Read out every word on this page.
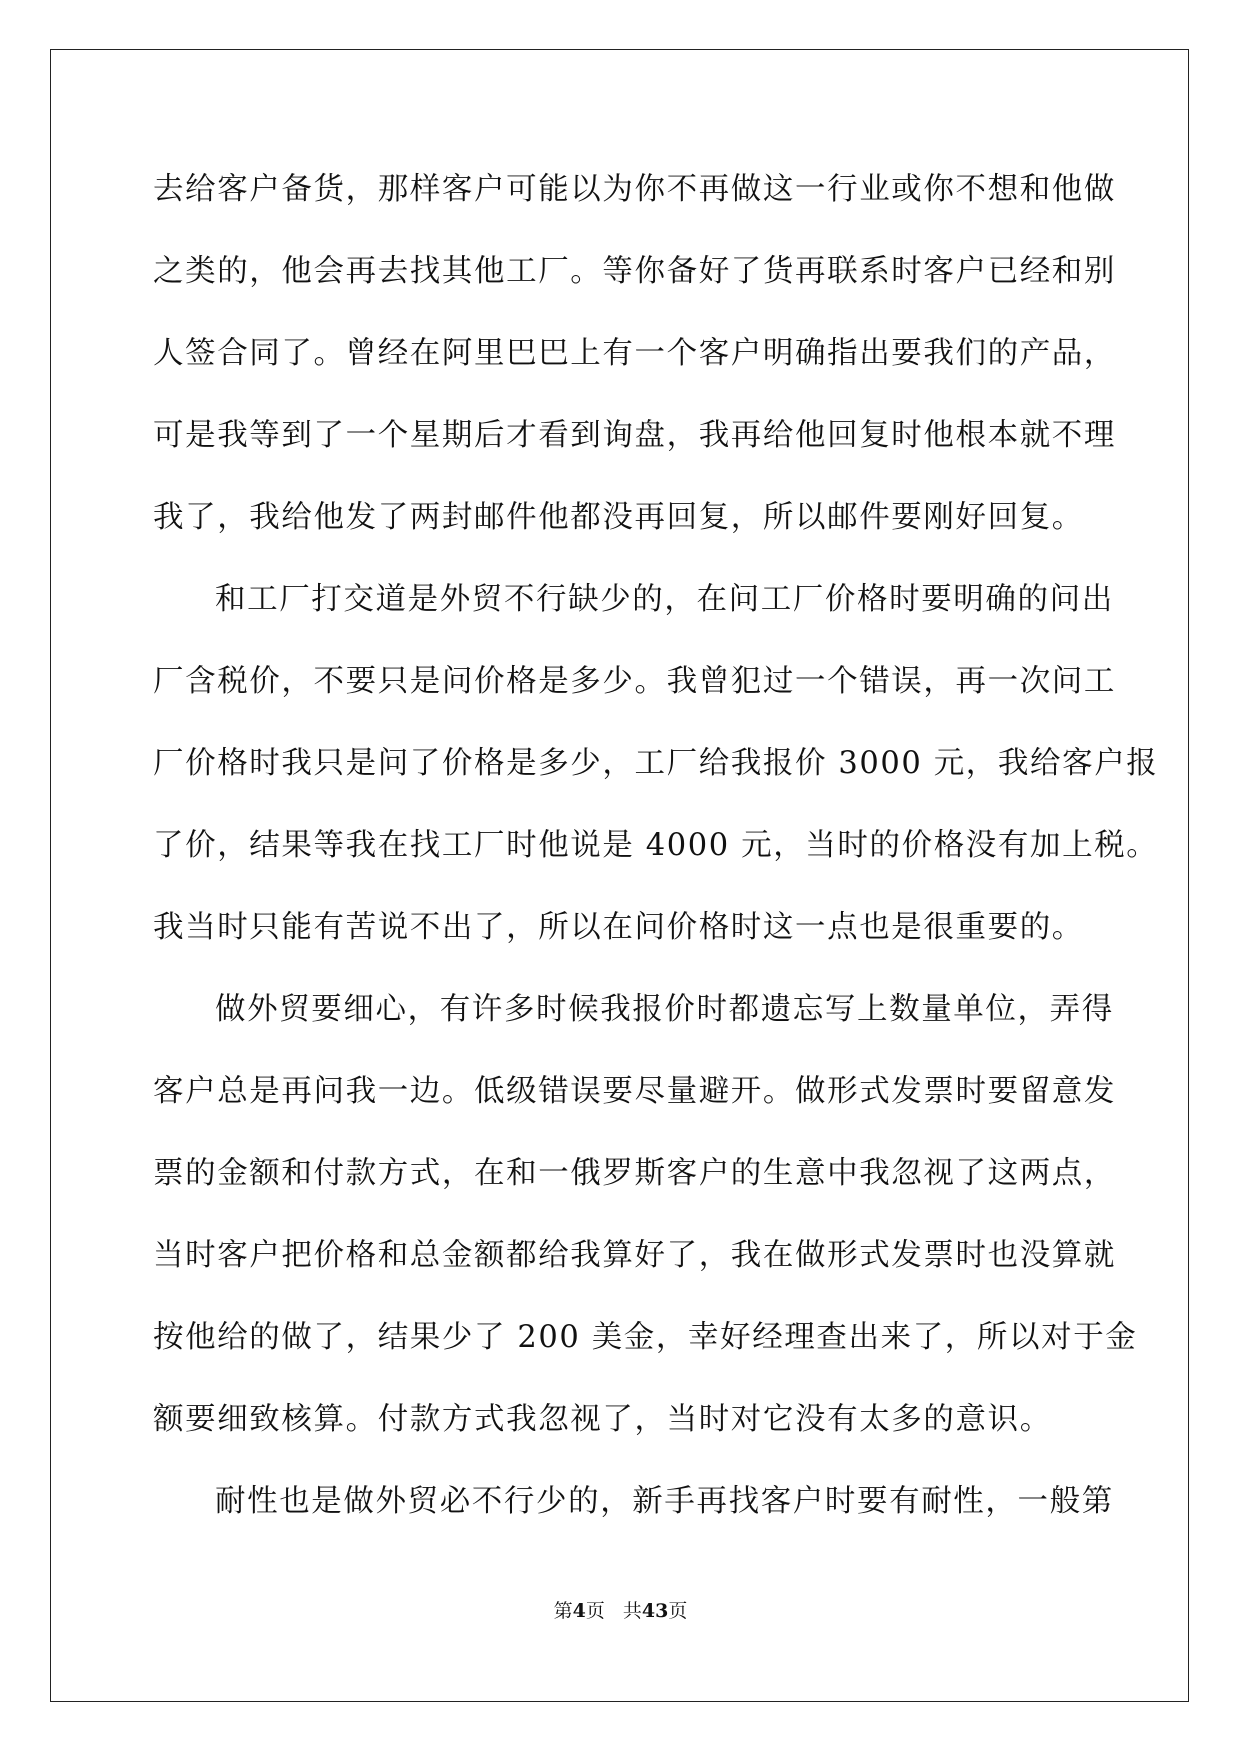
去给客户备货，那样客户可能以为你不再做这一行业或你不想和他做
之类的，他会再去找其他工厂。等你备好了货再联系时客户已经和别
人签合同了。曾经在阿里巴巴上有一个客户明确指出要我们的产品，
可是我等到了一个星期后才看到询盘，我再给他回复时他根本就不理
我了，我给他发了两封邮件他都没再回复，所以邮件要刚好回复。
和工厂打交道是外贸不行缺少的，在问工厂价格时要明确的问出
厂含税价，不要只是问价格是多少。我曾犯过一个错误，再一次问工
厂价格时我只是问了价格是多少，工厂给我报价 3000 元，我给客户报
了价，结果等我在找工厂时他说是 4000 元，当时的价格没有加上税。
我当时只能有苦说不出了，所以在问价格时这一点也是很重要的。
做外贸要细心，有许多时候我报价时都遗忘写上数量单位，弄得
客户总是再问我一边。低级错误要尽量避开。做形式发票时要留意发
票的金额和付款方式，在和一俄罗斯客户的生意中我忽视了这两点，
当时客户把价格和总金额都给我算好了，我在做形式发票时也没算就
按他给的做了，结果少了 200 美金，幸好经理查出来了，所以对于金
额要细致核算。付款方式我忽视了，当时对它没有太多的意识。
耐性也是做外贸必不行少的，新手再找客户时要有耐性，一般第
第4页 共43页
